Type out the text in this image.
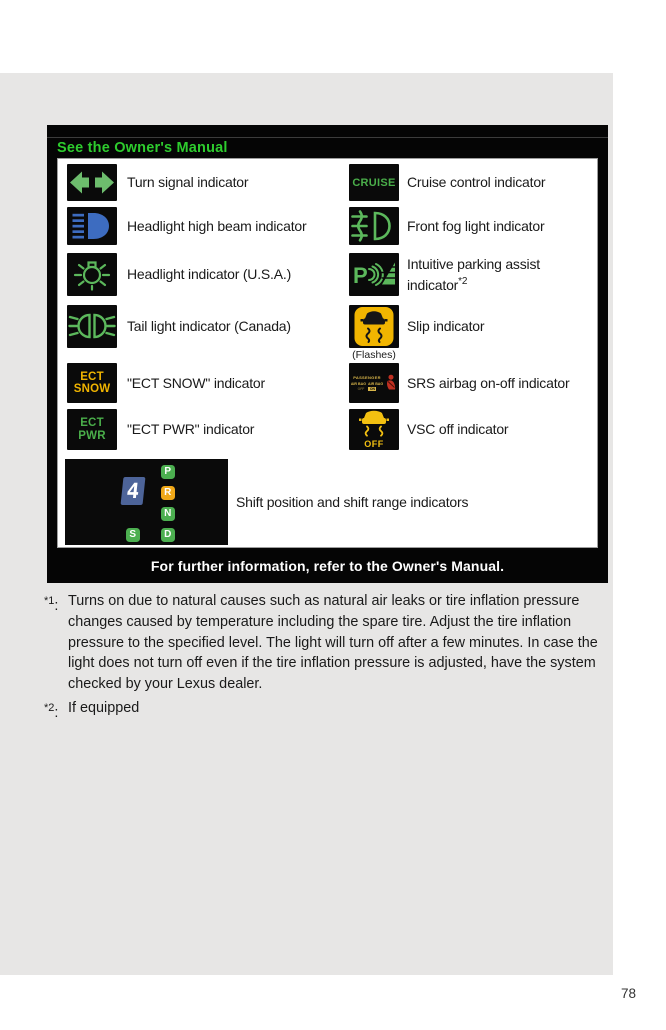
See the Owner's Manual
Turn signal indicator	CRUISE Cruise control indicator
Headlight high beam indicator	Front fog light indicator
Headlight indicator (U.S.A.)	P	Intuitive parking assist indicator$^{*2}$
Tail light indicator (Canada)
(Flashes)
Slip indicator
ECT
SNOW "ECT SNOW" indicator	PASSENGER
AIR BAG AIR BAG
OFF	ON SRS airbag on-off indicator
ECT
PWR "ECT PWR" indicator
OFF
VSC off indicator
4
P
R
N
D
S
Shift position and shift range indicators
For further information, refer to the Owner's Manual.
$^{*1}$: Turns on due to natural causes such as natural air leaks or tire inflation pressure changes caused by temperature including the spare tire. Adjust the tire inflation pressure to the specified level. The light will turn off after a few minutes. In case the light does not turn off even if the tire inflation pressure is adjusted, have the system checked by your Lexus dealer.
$^{*2}$: If equipped
78
